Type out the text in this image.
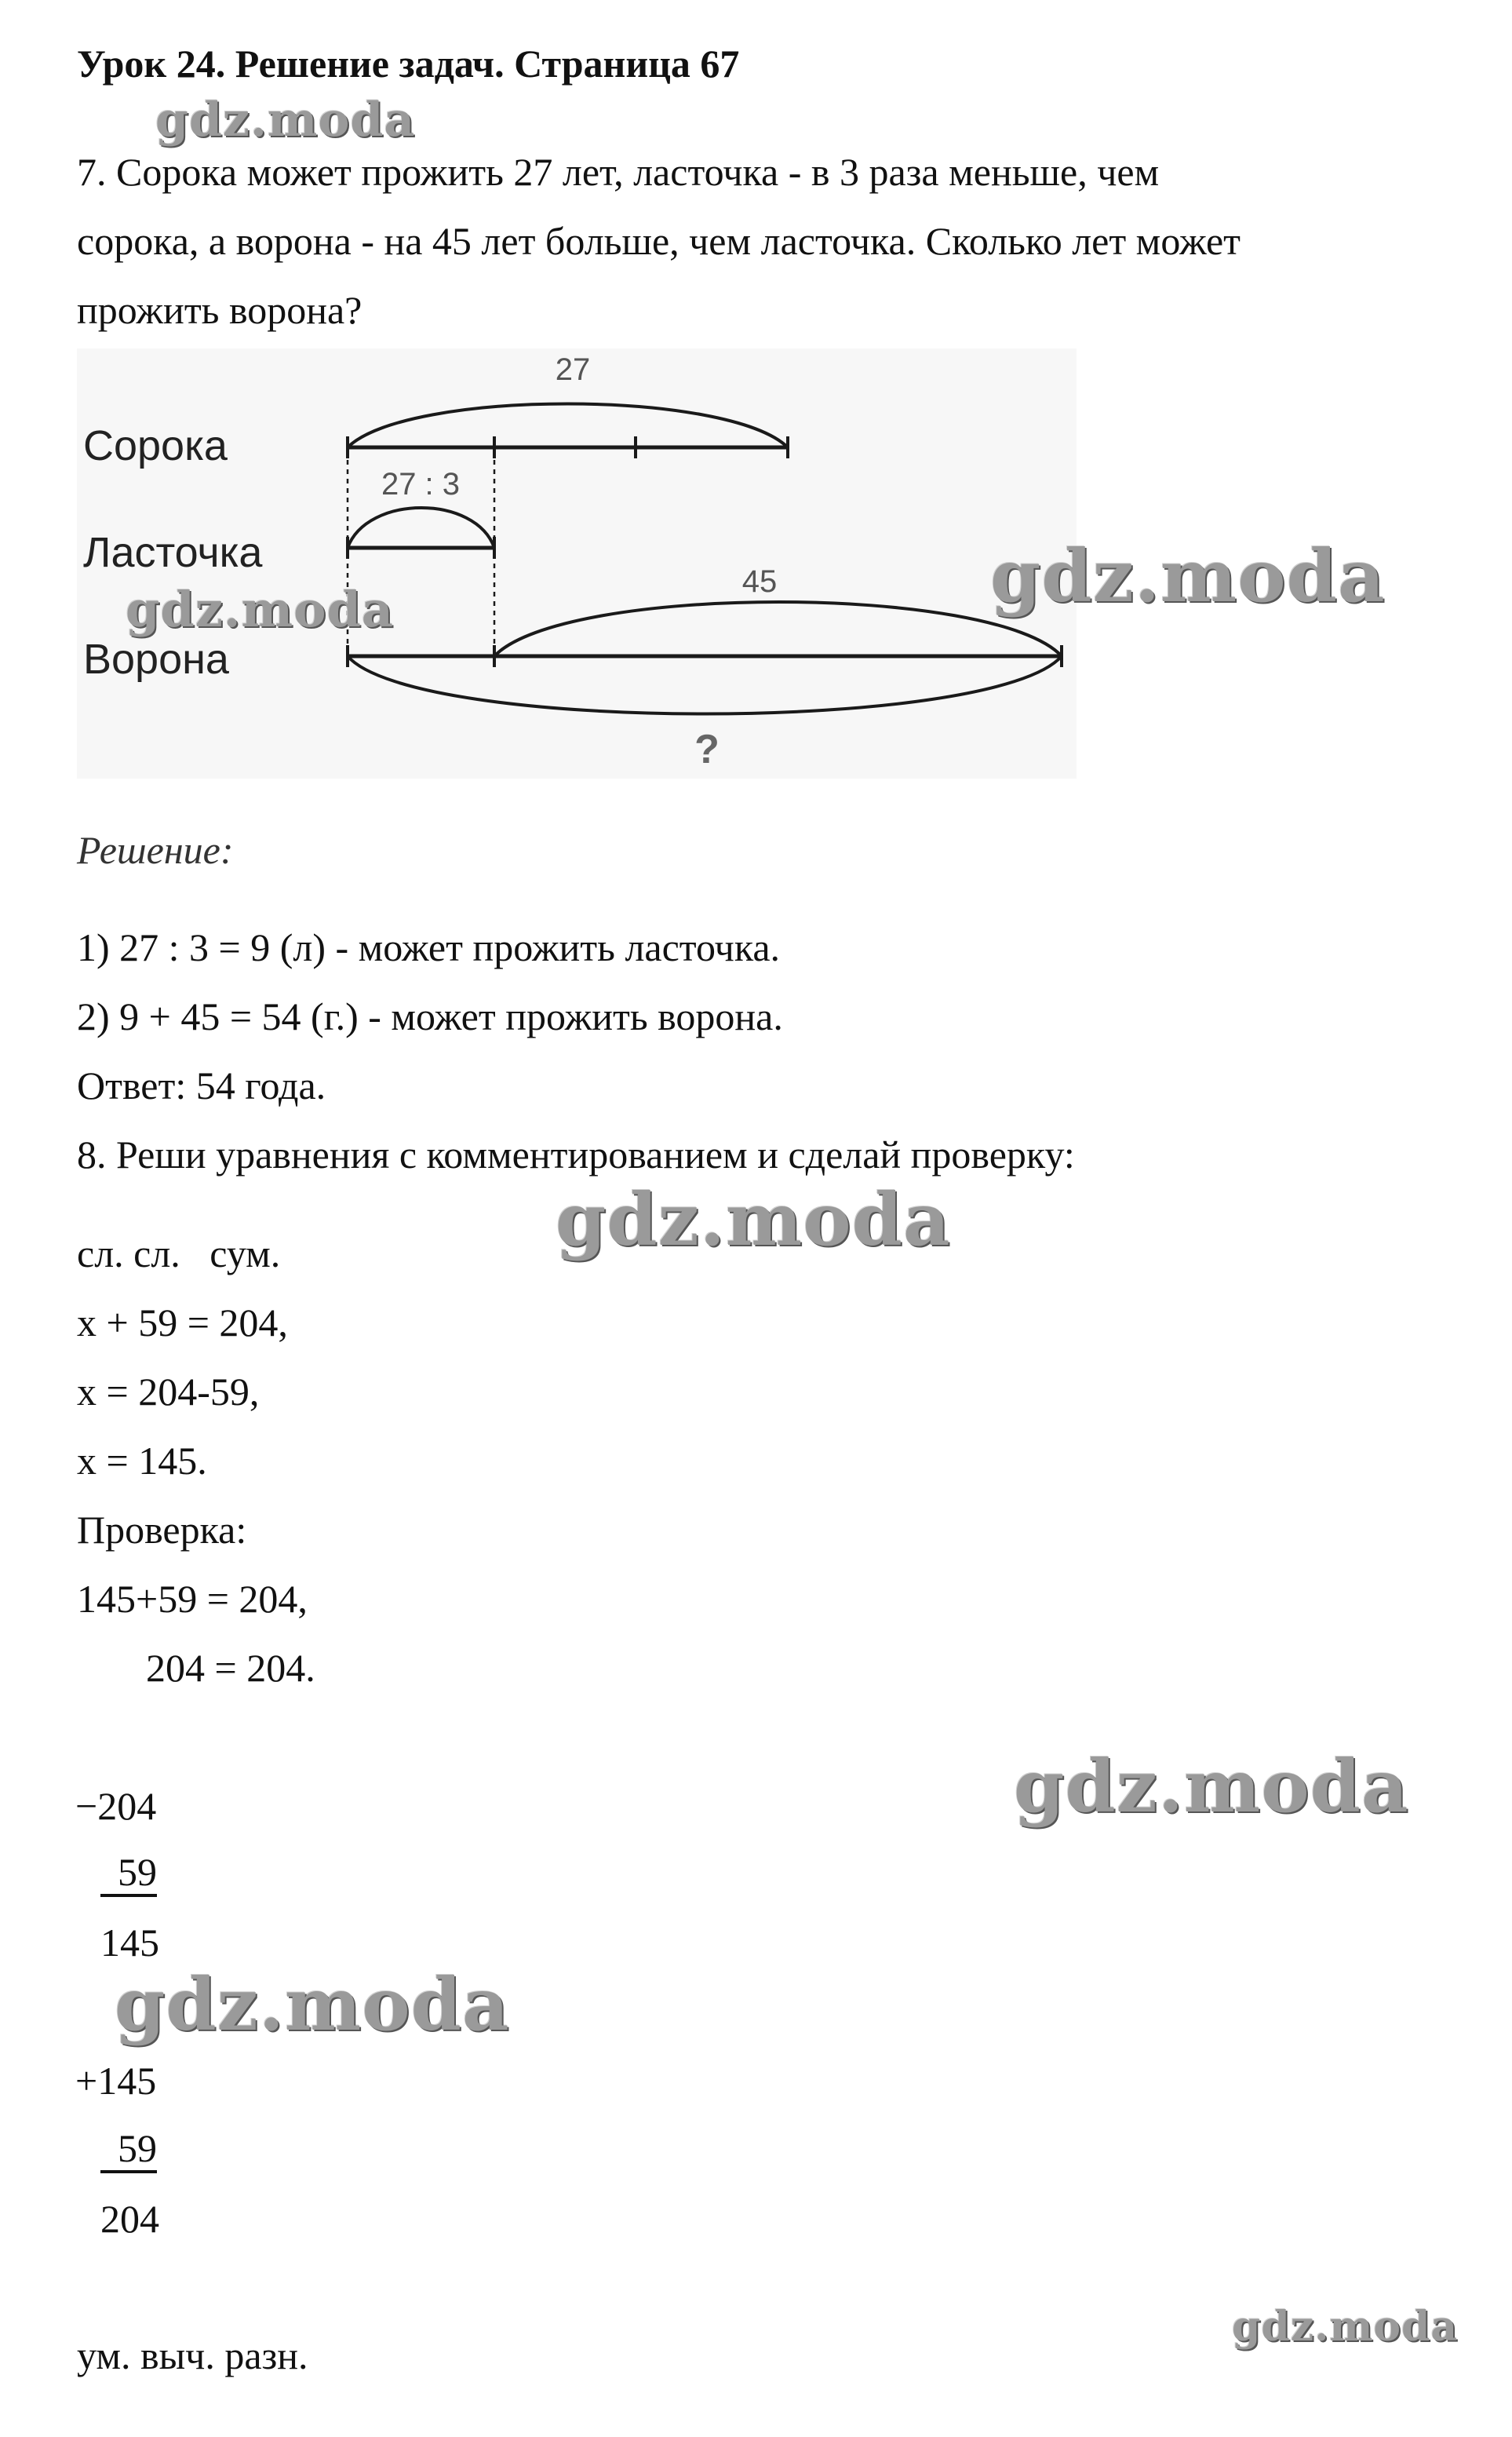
Урок 24. Решение задач. Страница 67
7. Сорока может прожить 27 лет, ласточка - в 3 раза меньше, чем
сорока, а ворона - на 45 лет больше, чем ласточка. Сколько лет может
прожить ворона?
Сорока
Ласточка
Ворона
27
27 : 3
45
?
Решение:
1) 27 : 3 = 9 (л) - может прожить ласточка.
2) 9 + 45 = 54 (г.) - может прожить ворона.
Ответ: 54 года.
8. Реши уравнения с комментированием и сделай проверку:
сл. сл.   сум.
x + 59 = 204,
x = 204-59,
x = 145.
Проверка:
145+59 = 204,
204 = 204.
−204
59
145
+145
59
204
ум. выч. разн.
gdz.moda
gdz.moda
gdz.moda
gdz.moda
gdz.moda
gdz.moda
gdz.moda
